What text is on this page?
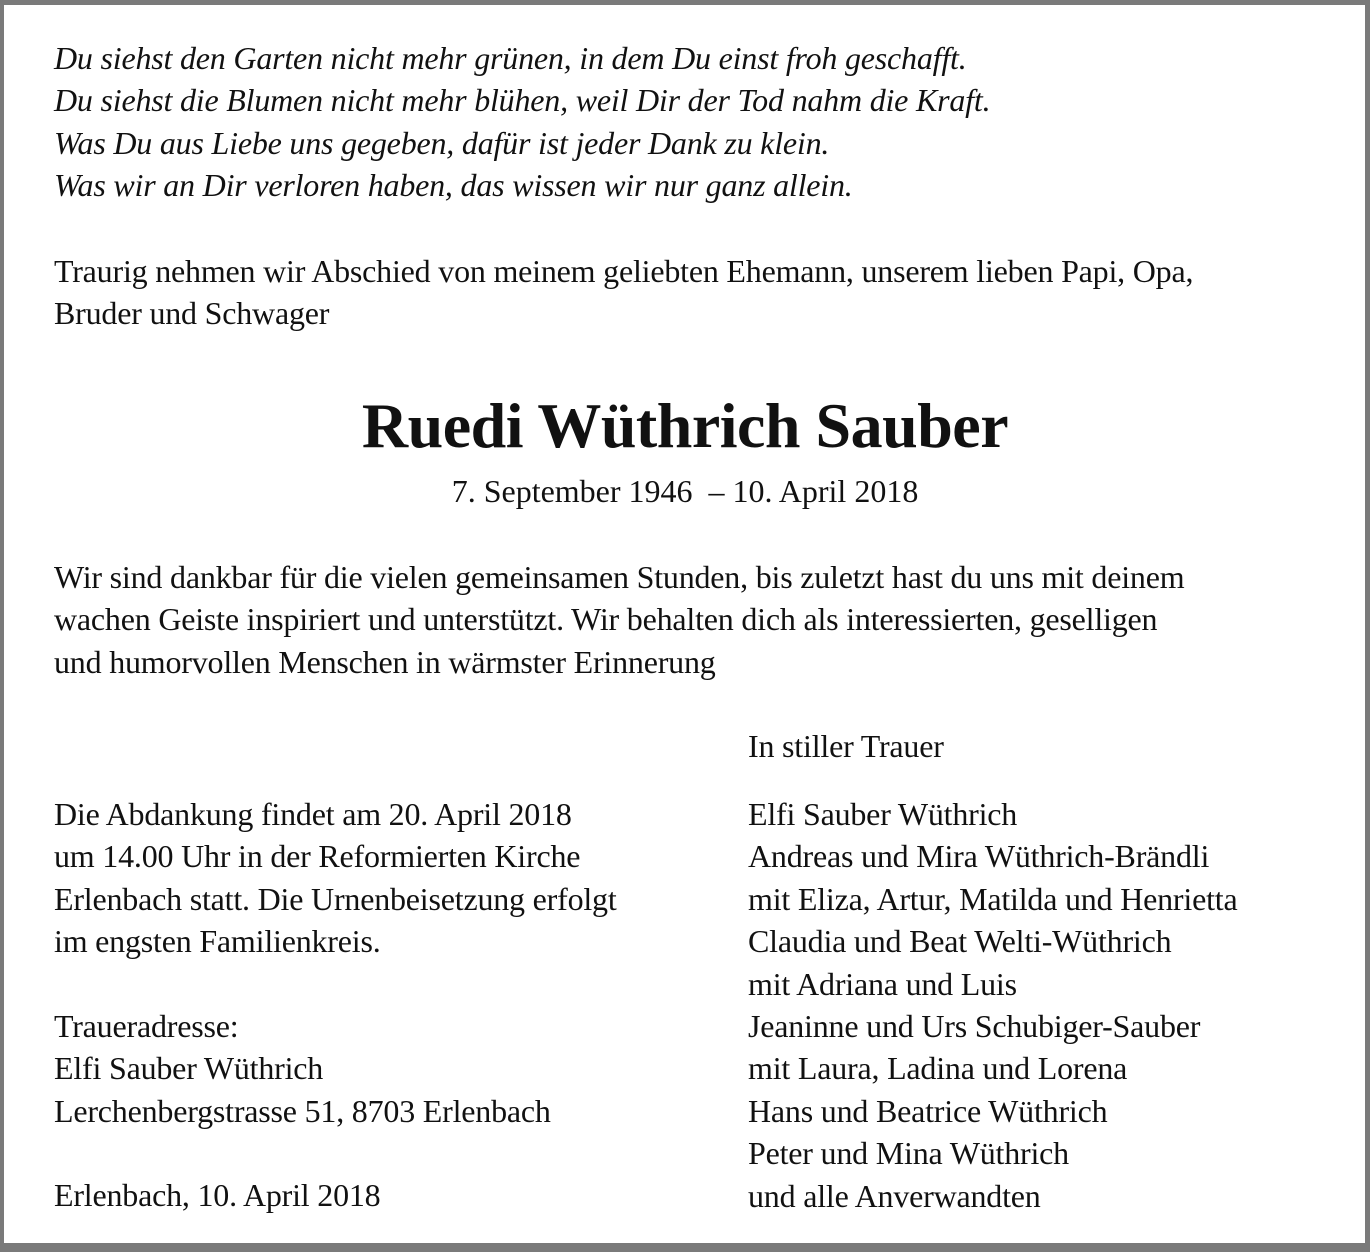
Du siehst den Garten nicht mehr grünen, in dem Du einst froh geschafft.
Du siehst die Blumen nicht mehr blühen, weil Dir der Tod nahm die Kraft.
Was Du aus Liebe uns gegeben, dafür ist jeder Dank zu klein.
Was wir an Dir verloren haben, das wissen wir nur ganz allein.
Traurig nehmen wir Abschied von meinem geliebten Ehemann, unserem lieben Papi, Opa,
Bruder und Schwager
Ruedi Wüthrich Sauber
7. September 1946  – 10. April 2018
Wir sind dankbar für die vielen gemeinsamen Stunden, bis zuletzt hast du uns mit deinem
wachen Geiste inspiriert und unterstützt. Wir behalten dich als interessierten, geselligen
und humorvollen Menschen in wärmster Erinnerung
Die Abdankung findet am 20. April 2018
um 14.00 Uhr in der Reformierten Kirche
Erlenbach statt. Die Urnenbeisetzung erfolgt
im engsten Familienkreis.
Traueradresse:
Elfi Sauber Wüthrich
Lerchenbergstrasse 51, 8703 Erlenbach
Erlenbach, 10. April 2018
In stiller Trauer
Elfi Sauber Wüthrich
Andreas und Mira Wüthrich-Brändli
mit Eliza, Artur, Matilda und Henrietta
Claudia und Beat Welti-Wüthrich
mit Adriana und Luis
Jeaninne und Urs Schubiger-Sauber
mit Laura, Ladina und Lorena
Hans und Beatrice Wüthrich
Peter und Mina Wüthrich
und alle Anverwandten
